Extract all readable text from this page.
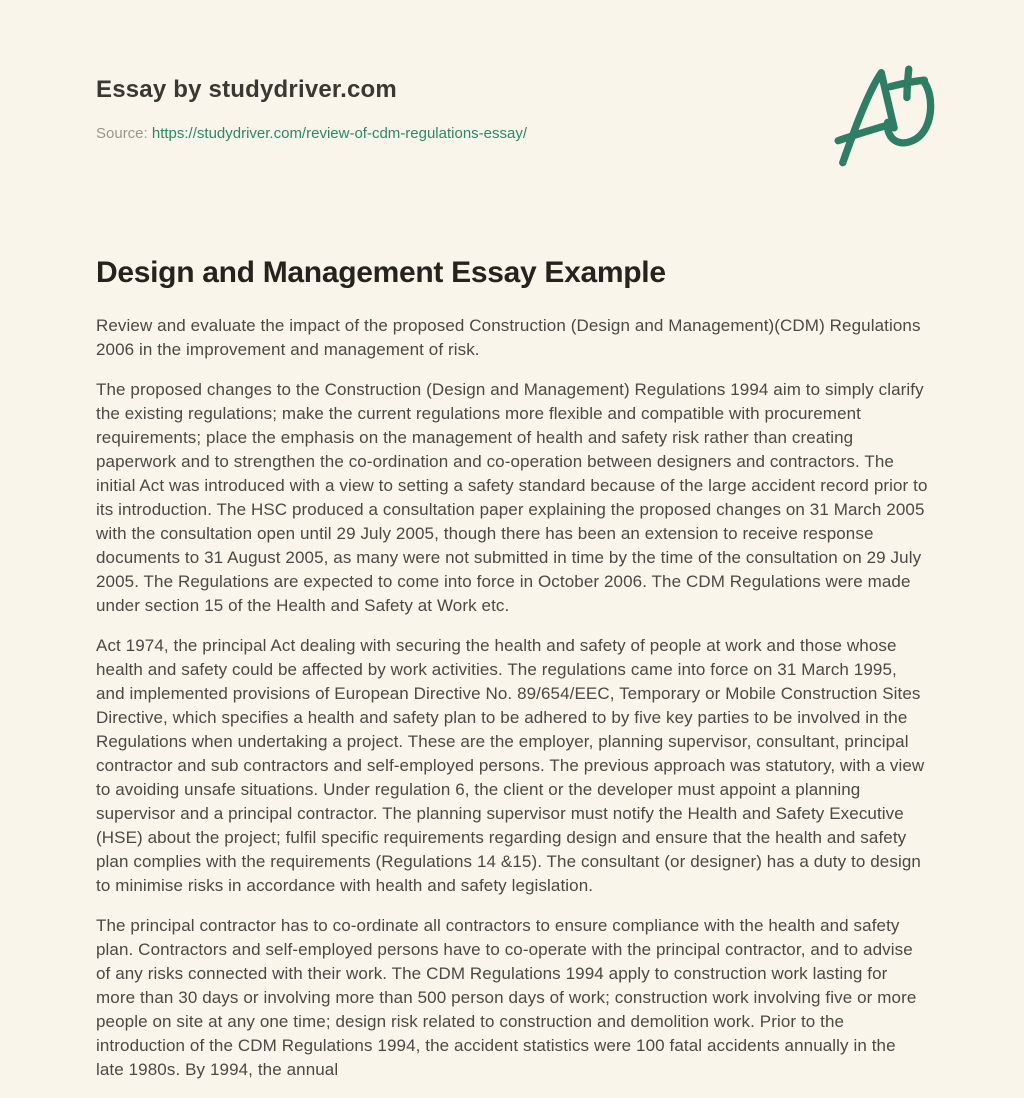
Essay by studydriver.com
Source: https://studydriver.com/review-of-cdm-regulations-essay/
Design and Management Essay Example

Review and evaluate the impact of the proposed Construction (Design and Management)(CDM) Regulations 2006 in the improvement and management of risk.

The proposed changes to the Construction (Design and Management) Regulations 1994 aim to simply clarify the existing regulations; make the current regulations more flexible and compatible with procurement requirements; place the emphasis on the management of health and safety risk rather than creating paperwork and to strengthen the co-ordination and co-operation between designers and contractors. The initial Act was introduced with a view to setting a safety standard because of the large accident record prior to its introduction. The HSC produced a consultation paper explaining the proposed changes on 31 March 2005 with the consultation open until 29 July 2005, though there has been an extension to receive response documents to 31 August 2005, as many were not submitted in time by the time of the consultation on 29 July 2005. The Regulations are expected to come into force in October 2006. The CDM Regulations were made under section 15 of the Health and Safety at Work etc.

Act 1974, the principal Act dealing with securing the health and safety of people at work and those whose health and safety could be affected by work activities. The regulations came into force on 31 March 1995, and implemented provisions of European Directive No. 89/654/EEC, Temporary or Mobile Construction Sites Directive, which specifies a health and safety plan to be adhered to by five key parties to be involved in the Regulations when undertaking a project. These are the employer, planning supervisor, consultant, principal contractor and sub contractors and self-employed persons. The previous approach was statutory, with a view to avoiding unsafe situations. Under regulation 6, the client or the developer must appoint a planning supervisor and a principal contractor. The planning supervisor must notify the Health and Safety Executive (HSE) about the project; fulfil specific requirements regarding design and ensure that the health and safety plan complies with the requirements (Regulations 14 &15). The consultant (or designer) has a duty to design to minimise risks in accordance with health and safety legislation.

The principal contractor has to co-ordinate all contractors to ensure compliance with the health and safety plan. Contractors and self-employed persons have to co-operate with the principal contractor, and to advise of any risks connected with their work. The CDM Regulations 1994 apply to construction work lasting for more than 30 days or involving more than 500 person days of work; construction work involving five or more people on site at any one time; design risk related to construction and demolition work. Prior to the introduction of the CDM Regulations 1994, the accident statistics were 100 fatal accidents annually in the late 1980s. By 1994, the annual
